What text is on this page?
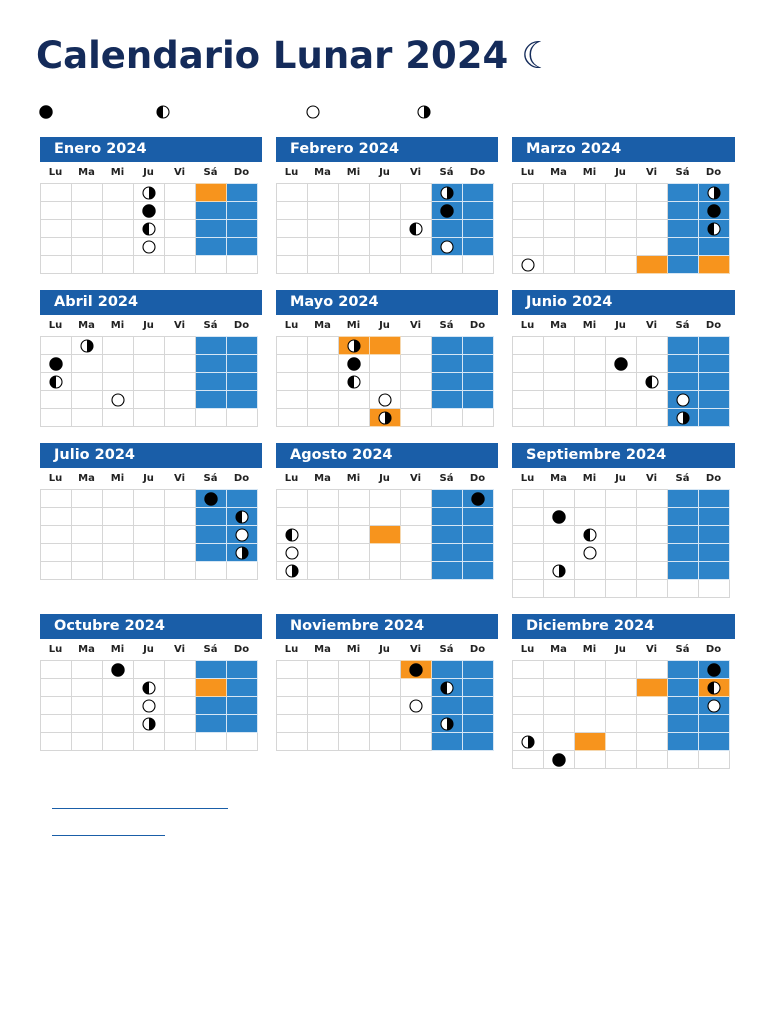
Calendario Lunar 2024 ☾
Enero 2024
Lu	Ma	Mi	Ju	Vi	Sá	Do

Febrero 2024
Lu	Ma	Mi	Ju	Vi	Sá	Do

Marzo 2024
Lu	Ma	Mi	Ju	Vi	Sá	Do

Abril 2024
Lu	Ma	Mi	Ju	Vi	Sá	Do

Mayo 2024
Lu	Ma	Mi	Ju	Vi	Sá	Do

Junio 2024
Lu	Ma	Mi	Ju	Vi	Sá	Do

Julio 2024
Lu	Ma	Mi	Ju	Vi	Sá	Do

Agosto 2024
Lu	Ma	Mi	Ju	Vi	Sá	Do

Septiembre 2024
Lu	Ma	Mi	Ju	Vi	Sá	Do

Octubre 2024
Lu	Ma	Mi	Ju	Vi	Sá	Do

Noviembre 2024
Lu	Ma	Mi	Ju	Vi	Sá	Do

Diciembre 2024
Lu	Ma	Mi	Ju	Vi	Sá	Do
